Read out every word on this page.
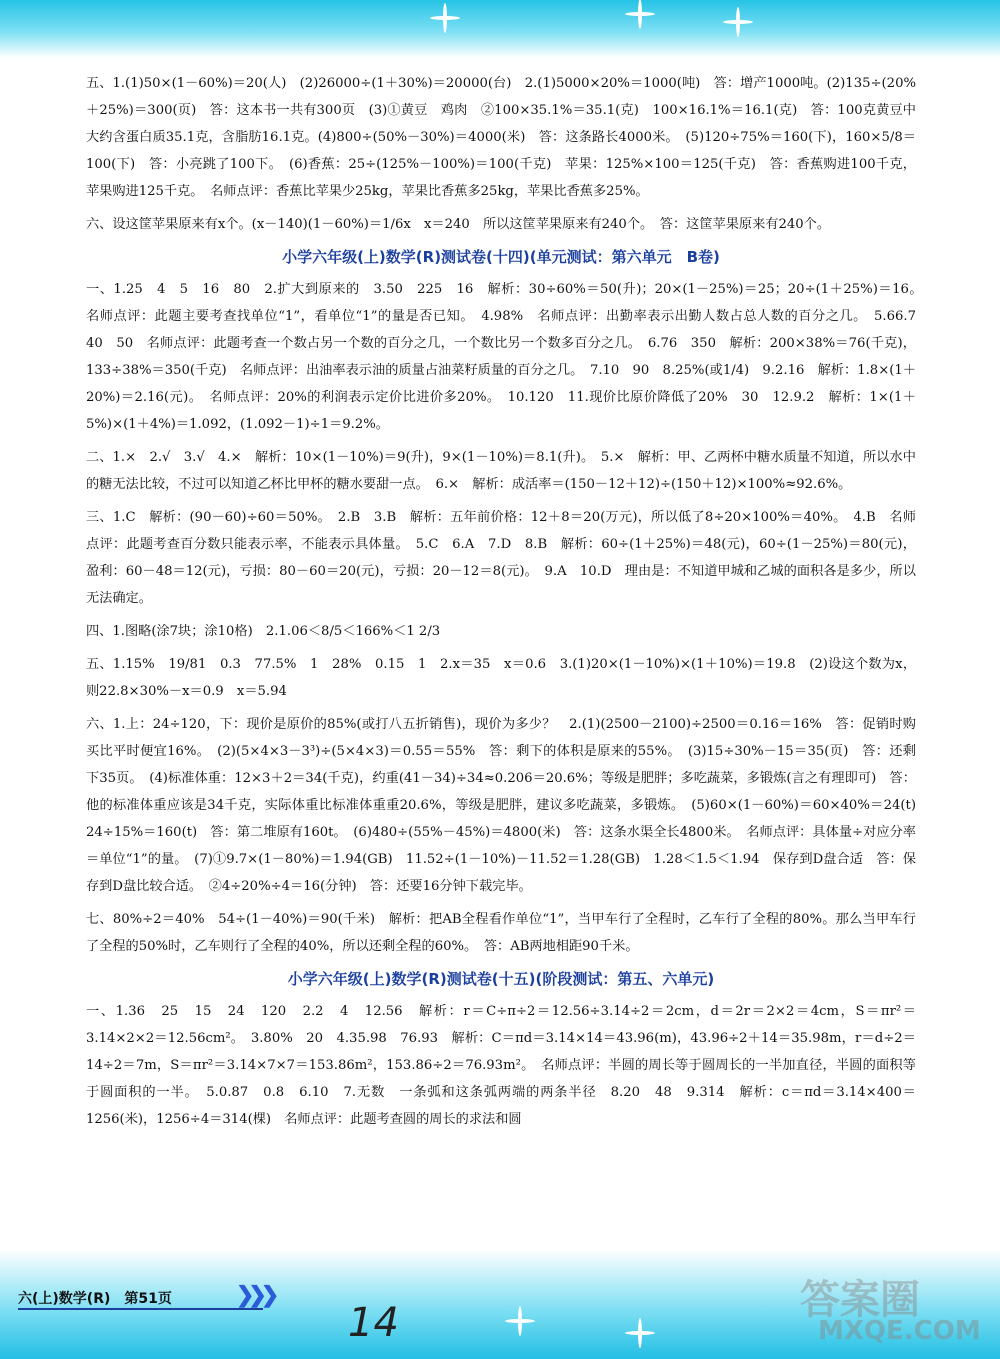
五、1.(1)50×(1－60%)＝20(人)　(2)26000÷(1＋30%)＝20000(台)　2.(1)5000×20%＝1000(吨)　答：增产1000吨。(2)135÷(20%＋25%)＝300(页)　答：这本书一共有300页　(3)①黄豆　鸡肉　②100×35.1%＝35.1(克)　100×16.1%＝16.1(克)　答：100克黄豆中大约含蛋白质35.1克，含脂肪16.1克。(4)800÷(50%－30%)＝4000(米)　答：这条路长4000米。　(5)120÷75%＝160(下)，160×5/8＝100(下)　答：小亮跳了100下。　(6)香蕉：25÷(125%－100%)＝100(千克)　苹果：125%×100＝125(千克)　答：香蕉购进100千克，苹果购进125千克。　名师点评：香蕉比苹果少25kg，苹果比香蕉多25kg，苹果比香蕉多25%。

六、设这筐苹果原来有x个。(x－140)(1－60%)＝1/6x　x＝240　所以这筐苹果原来有240个。　答：这筐苹果原来有240个。

小学六年级(上)数学(R)测试卷(十四)(单元测试：第六单元　B卷)

一、1.25　4　5　16　80　2.扩大到原来的　3.50　225　16　解析：30÷60%＝50(升)；20×(1－25%)＝25；20÷(1＋25%)＝16。　名师点评：此题主要考查找单位“1”，看单位“1”的量是否已知。　4.98%　名师点评：出勤率表示出勤人数占总人数的百分之几。　5.66.7　40　50　名师点评：此题考查一个数占另一个数的百分之几，一个数比另一个数多百分之几。　6.76　350　解析：200×38%＝76(千克)，133÷38%＝350(千克)　名师点评：出油率表示油的质量占油菜籽质量的百分之几。　7.10　90　8.25%(或1/4)　9.2.16　解析：1.8×(1＋20%)＝2.16(元)。　名师点评：20%的利润表示定价比进价多20%。　10.120　11.现价比原价降低了20%　30　12.9.2　解析：1×(1＋5%)×(1＋4%)＝1.092，(1.092－1)÷1＝9.2%。

二、1.×　2.√　3.√　4.×　解析：10×(1－10%)＝9(升)，9×(1－10%)＝8.1(升)。　5.×　解析：甲、乙两杯中糖水质量不知道，所以水中的糖无法比较，不过可以知道乙杯比甲杯的糖水要甜一点。　6.×　解析：成活率＝(150－12＋12)÷(150＋12)×100%≈92.6%。

三、1.C　解析：(90－60)÷60＝50%。　2.B　3.B　解析：五年前价格：12＋8＝20(万元)，所以低了8÷20×100%＝40%。　4.B　名师点评：此题考查百分数只能表示率，不能表示具体量。　5.C　6.A　7.D　8.B　解析：60÷(1＋25%)＝48(元)，60÷(1－25%)＝80(元)，盈利：60－48＝12(元)，亏损：80－60＝20(元)，亏损：20－12＝8(元)。　9.A　10.D　理由是：不知道甲城和乙城的面积各是多少，所以无法确定。

四、1.图略(涂7块；涂10格)　2.1.06＜8/5＜166%＜1 2/3

五、1.15%　19/81　0.3　77.5%　1　28%　0.15　1　2.x＝35　x＝0.6　3.(1)20×(1－10%)×(1＋10%)＝19.8　(2)设这个数为x，则22.8×30%－x＝0.9　x＝5.94

六、1.上：24÷120，下：现价是原价的85%(或打八五折销售)，现价为多少？　2.(1)(2500－2100)÷2500＝0.16＝16%　答：促销时购买比平时便宜16%。　(2)(5×4×3－3³)÷(5×4×3)＝0.55＝55%　答：剩下的体积是原来的55%。　(3)15÷30%－15＝35(页)　答：还剩下35页。　(4)标准体重：12×3＋2＝34(千克)，约重(41－34)÷34≈0.206＝20.6%；等级是肥胖；多吃蔬菜，多锻炼(言之有理即可)　答：他的标准体重应该是34千克，实际体重比标准体重重20.6%，等级是肥胖，建议多吃蔬菜，多锻炼。　(5)60×(1－60%)＝60×40%＝24(t)　24÷15%＝160(t)　答：第二堆原有160t。　(6)480÷(55%－45%)＝4800(米)　答：这条水渠全长4800米。　名师点评：具体量÷对应分率＝单位“1”的量。　(7)①9.7×(1－80%)＝1.94(GB)　11.52÷(1－10%)－11.52＝1.28(GB)　1.28＜1.5＜1.94　保存到D盘合适　答：保存到D盘比较合适。　②4÷20%÷4＝16(分钟)　答：还要16分钟下载完毕。

七、80%÷2＝40%　54÷(1－40%)＝90(千米)　解析：把AB全程看作单位“1”，当甲车行了全程时，乙车行了全程的80%。那么当甲车行了全程的50%时，乙车则行了全程的40%，所以还剩全程的60%。　答：AB两地相距90千米。

小学六年级(上)数学(R)测试卷(十五)(阶段测试：第五、六单元)

一、1.36　25　15　24　120　2.2　4　12.56　解析：r＝C÷π÷2＝12.56÷3.14÷2＝2cm，d＝2r＝2×2＝4cm，S＝πr²＝3.14×2×2＝12.56cm²。　3.80%　20　4.35.98　76.93　解析：C＝πd＝3.14×14＝43.96(m)，43.96÷2＋14＝35.98m，r＝d÷2＝14÷2＝7m，S＝πr²＝3.14×7×7＝153.86m²，153.86÷2＝76.93m²。　名师点评：半圆的周长等于圆周长的一半加直径，半圆的面积等于圆面积的一半。　5.0.87　0.8　6.10　7.无数　一条弧和这条弧两端的两条半径　8.20　48　9.314　解析：c＝πd＝3.14×400＝1256(米)，1256÷4＝314(棵)　名师点评：此题考查圆的周长的求法和圆

六(上)数学(R)　第51页	❯❯❯
14	答案圈
MXQE.COM
